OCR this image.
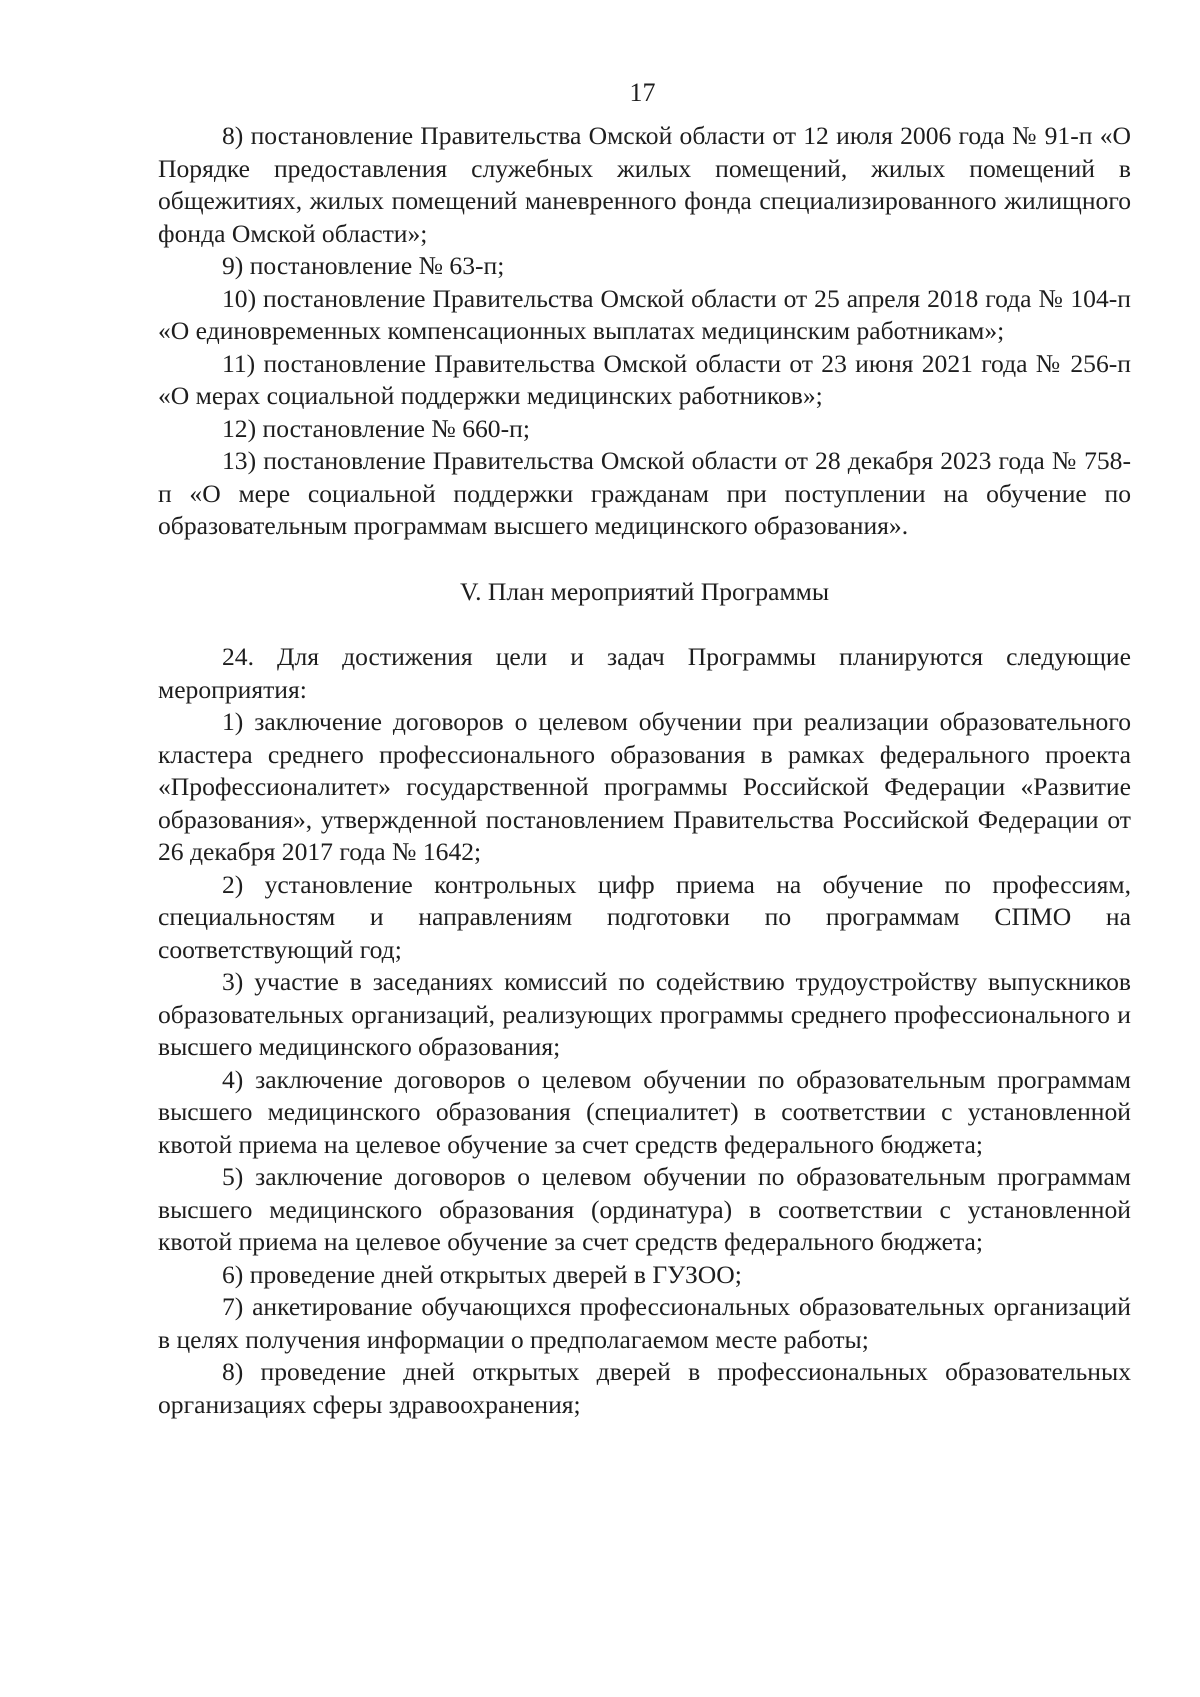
17

8) постановление Правительства Омской области от 12 июля 2006 года № 91-п «О Порядке предоставления служебных жилых помещений, жилых помещений в общежитиях, жилых помещений маневренного фонда специализированного жилищного фонда Омской области»;

9) постановление № 63-п;

10) постановление Правительства Омской области от 25 апреля 2018 года № 104-п «О единовременных компенсационных выплатах медицинским работникам»;

11) постановление Правительства Омской области от 23 июня 2021 года № 256-п «О мерах социальной поддержки медицинских работников»;

12) постановление № 660-п;

13) постановление Правительства Омской области от 28 декабря 2023 года № 758-п «О мере социальной поддержки гражданам при поступлении на обучение по образовательным программам высшего медицинского образования».

V. План мероприятий Программы

24. Для достижения цели и задач Программы планируются следующие мероприятия:

1) заключение договоров о целевом обучении при реализации образовательного кластера среднего профессионального образования в рамках федерального проекта «Профессионалитет» государственной программы Российской Федерации «Развитие образования», утвержденной постановлением Правительства Российской Федерации от 26 декабря 2017 года № 1642;

2) установление контрольных цифр приема на обучение по профессиям, специальностям и направлениям подготовки по программам СПМО на соответствующий год;

3) участие в заседаниях комиссий по содействию трудоустройству выпускников образовательных организаций, реализующих программы среднего профессионального и высшего медицинского образования;

4) заключение договоров о целевом обучении по образовательным программам высшего медицинского образования (специалитет) в соответствии с установленной квотой приема на целевое обучение за счет средств федерального бюджета;

5) заключение договоров о целевом обучении по образовательным программам высшего медицинского образования (ординатура) в соответствии с установленной квотой приема на целевое обучение за счет средств федерального бюджета;

6) проведение дней открытых дверей в ГУЗОО;

7) анкетирование обучающихся профессиональных образовательных организаций в целях получения информации о предполагаемом месте работы;

8) проведение дней открытых дверей в профессиональных образовательных организациях сферы здравоохранения;
